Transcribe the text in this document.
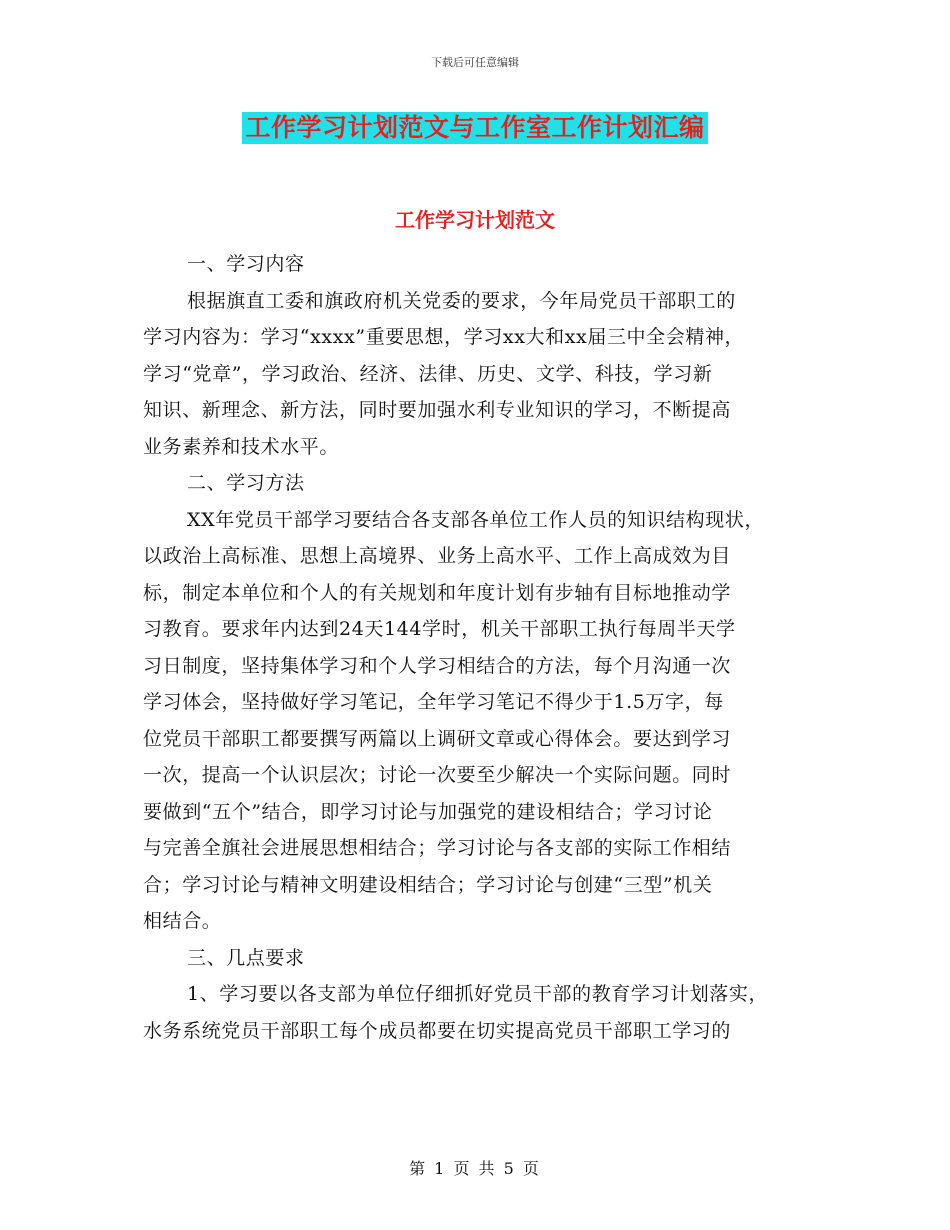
下载后可任意编辑
工作学习计划范文与工作室工作计划汇编
工作学习计划范文
一、学习内容
根据旗直工委和旗政府机关党委的要求，今年局党员干部职工的
学习内容为：学习“xxxx”重要思想，学习xx大和xx届三中全会精神，
学习“党章”，学习政治、经济、法律、历史、文学、科技，学习新
知识、新理念、新方法，同时要加强水利专业知识的学习，不断提高
业务素养和技术水平。
二、学习方法
XX年党员干部学习要结合各支部各单位工作人员的知识结构现状，
以政治上高标准、思想上高境界、业务上高水平、工作上高成效为目
标，制定本单位和个人的有关规划和年度计划有步轴有目标地推动学
习教育。要求年内达到24天144学时，机关干部职工执行每周半天学
习日制度，坚持集体学习和个人学习相结合的方法，每个月沟通一次
学习体会，坚持做好学习笔记，全年学习笔记不得少于1.5万字，每
位党员干部职工都要撰写两篇以上调研文章或心得体会。要达到学习
一次，提高一个认识层次；讨论一次要至少解决一个实际问题。同时
要做到“五个”结合，即学习讨论与加强党的建设相结合；学习讨论
与完善全旗社会进展思想相结合；学习讨论与各支部的实际工作相结
合；学习讨论与精神文明建设相结合；学习讨论与创建“三型”机关
相结合。
三、几点要求
1、学习要以各支部为单位仔细抓好党员干部的教育学习计划落实，
水务系统党员干部职工每个成员都要在切实提高党员干部职工学习的
第 1 页 共 5 页
